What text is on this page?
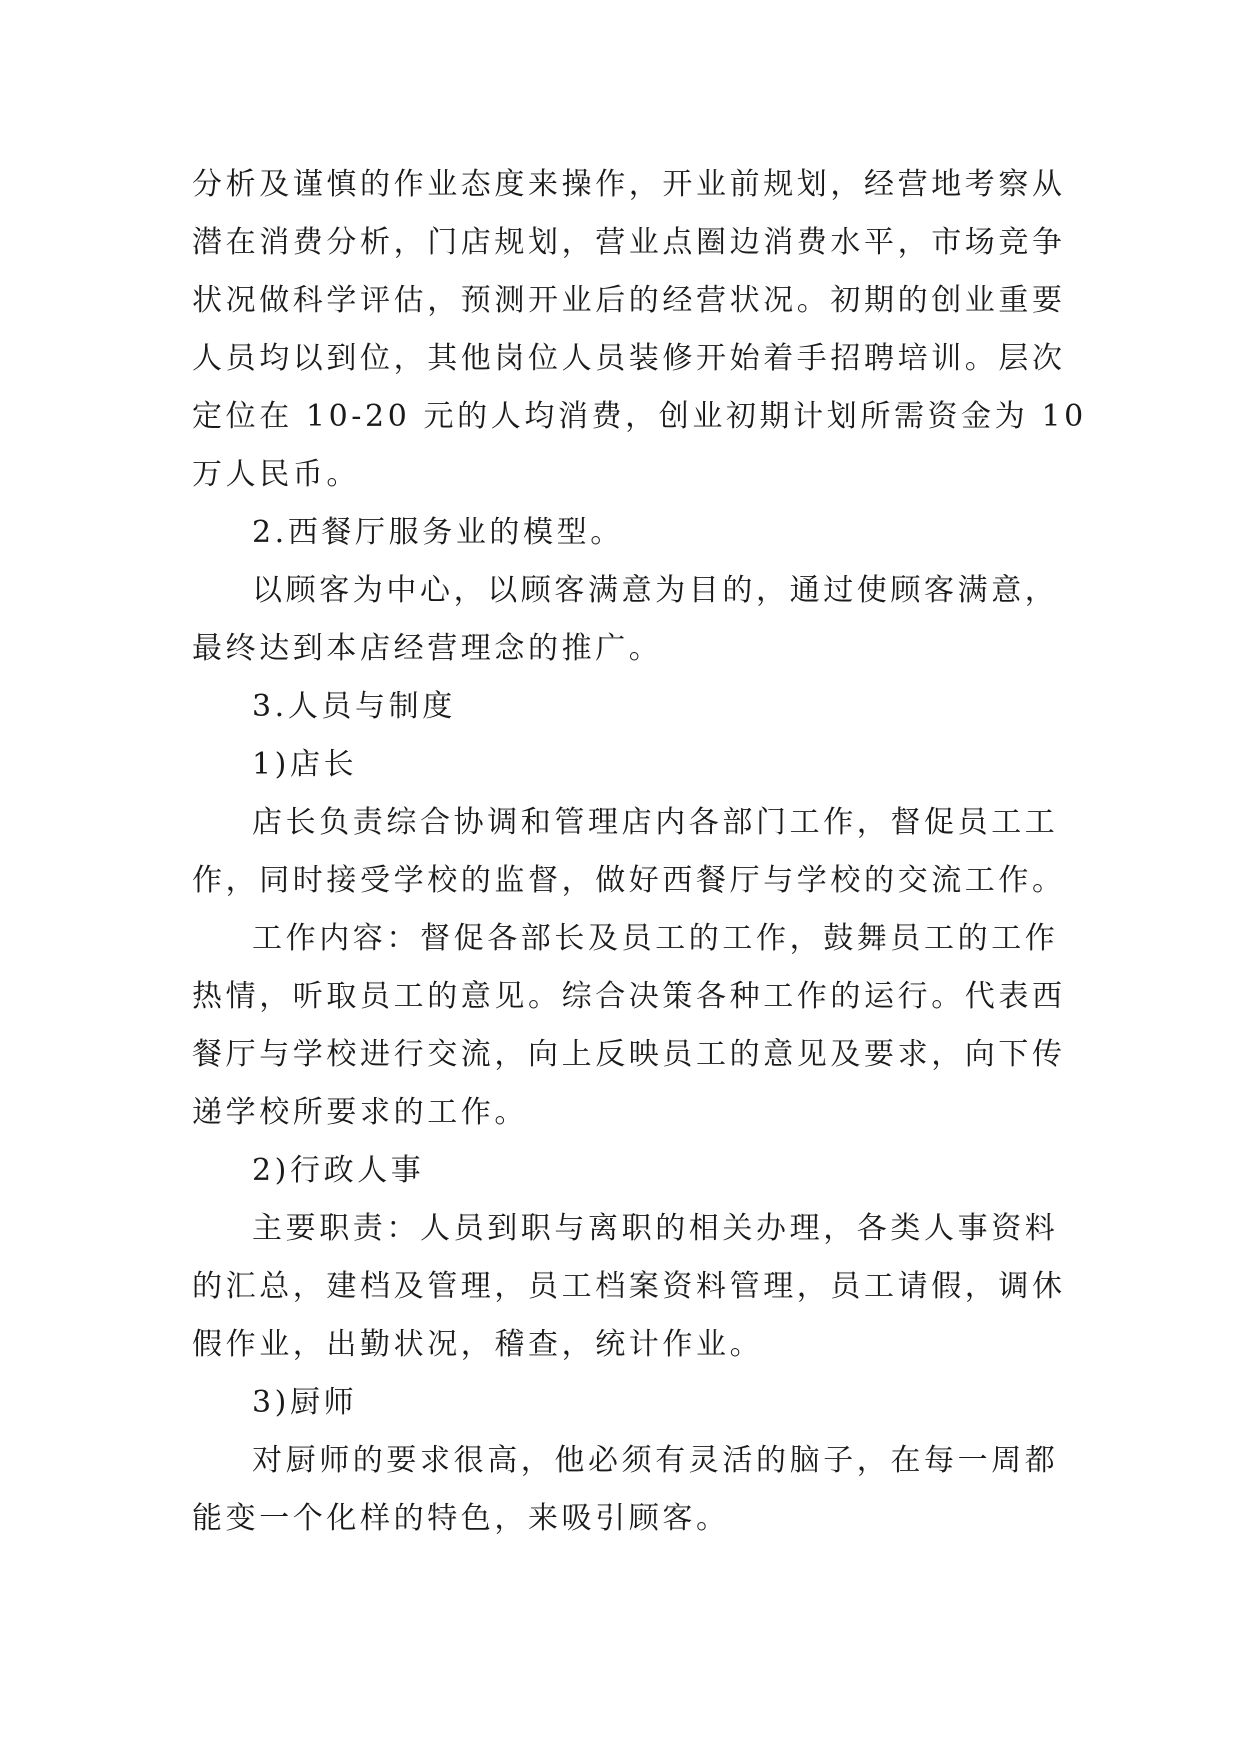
分析及谨慎的作业态度来操作，开业前规划，经营地考察从
潜在消费分析，门店规划，营业点圈边消费水平，市场竞争
状况做科学评估，预测开业后的经营状况。初期的创业重要
人员均以到位，其他岗位人员装修开始着手招聘培训。层次
定位在 10-20 元的人均消费，创业初期计划所需资金为 10
万人民币。
2.西餐厅服务业的模型。
以顾客为中心，以顾客满意为目的，通过使顾客满意，
最终达到本店经营理念的推广。
3.人员与制度
1)店长
店长负责综合协调和管理店内各部门工作，督促员工工
作，同时接受学校的监督，做好西餐厅与学校的交流工作。
工作内容：督促各部长及员工的工作，鼓舞员工的工作
热情，听取员工的意见。综合决策各种工作的运行。代表西
餐厅与学校进行交流，向上反映员工的意见及要求，向下传
递学校所要求的工作。
2)行政人事
主要职责：人员到职与离职的相关办理，各类人事资料
的汇总，建档及管理，员工档案资料管理，员工请假，调休
假作业，出勤状况，稽查，统计作业。
3)厨师
对厨师的要求很高，他必须有灵活的脑子，在每一周都
能变一个化样的特色，来吸引顾客。
